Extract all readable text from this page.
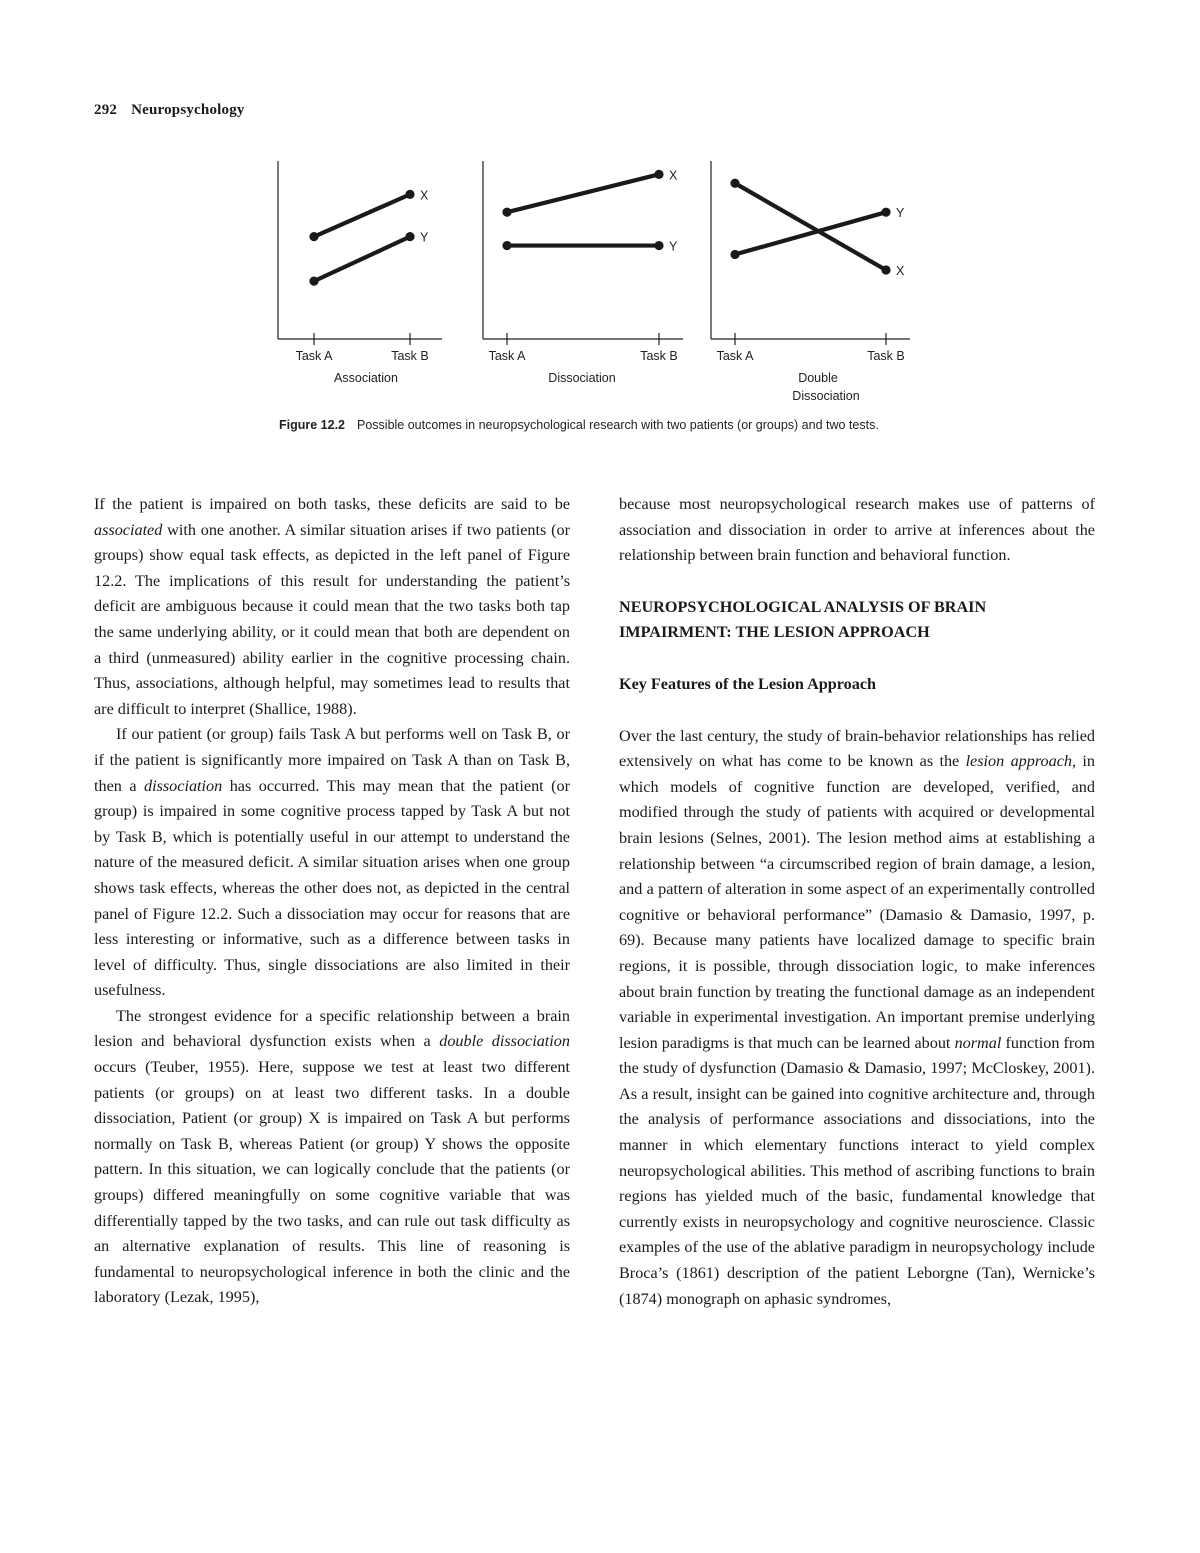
292 Neuropsychology
X
Y
Task A	Task B
Association
X
Y
Task A	Task B
Dissociation
X
Y
Task A	Task B
Double
Dissociation
Figure 12.2 Possible outcomes in neuropsychological research with two patients (or groups) and two tests.

If the patient is impaired on both tasks, these deficits are said to be associated with one another. A similar situation arises if two patients (or groups) show equal task effects, as depicted in the left panel of Figure 12.2. The implications of this result for understanding the patient’s deficit are ambiguous because it could mean that the two tasks both tap the same underlying ability, or it could mean that both are dependent on a third (unmeasured) ability earlier in the cognitive processing chain. Thus, associations, although helpful, may sometimes lead to results that are difficult to interpret (Shallice, 1988).

If our patient (or group) fails Task A but performs well on Task B, or if the patient is significantly more impaired on Task A than on Task B, then a dissociation has occurred. This may mean that the patient (or group) is impaired in some cognitive process tapped by Task A but not by Task B, which is potentially useful in our attempt to understand the nature of the measured deficit. A similar situation arises when one group shows task effects, whereas the other does not, as depicted in the central panel of Figure 12.2. Such a dissociation may occur for reasons that are less interesting or informative, such as a difference between tasks in level of difficulty. Thus, single dissociations are also limited in their usefulness.

The strongest evidence for a specific relationship between a brain lesion and behavioral dysfunction exists when a double dissociation occurs (Teuber, 1955). Here, suppose we test at least two different patients (or groups) on at least two different tasks. In a double dissociation, Patient (or group) X is impaired on Task A but performs normally on Task B, whereas Patient (or group) Y shows the opposite pattern. In this situation, we can logically conclude that the patients (or groups) differed meaningfully on some cognitive variable that was differentially tapped by the two tasks, and can rule out task difficulty as an alternative explanation of results. This line of reasoning is fundamental to neuropsychological inference in both the clinic and the laboratory (Lezak, 1995),

because most neuropsychological research makes use of patterns of association and dissociation in order to arrive at inferences about the relationship between brain function and behavioral function.

NEUROPSYCHOLOGICAL ANALYSIS OF BRAIN
IMPAIRMENT: THE LESION APPROACH

Key Features of the Lesion Approach

Over the last century, the study of brain-behavior relationships has relied extensively on what has come to be known as the lesion approach, in which models of cognitive function are developed, verified, and modified through the study of patients with acquired or developmental brain lesions (Selnes, 2001). The lesion method aims at establishing a relationship between “a circumscribed region of brain damage, a lesion, and a pattern of alteration in some aspect of an experimentally controlled cognitive or behavioral performance” (Damasio & Damasio, 1997, p. 69). Because many patients have localized damage to specific brain regions, it is possible, through dissociation logic, to make inferences about brain function by treating the functional damage as an independent variable in experimental investigation. An important premise underlying lesion paradigms is that much can be learned about normal function from the study of dysfunction (Damasio & Damasio, 1997; McCloskey, 2001). As a result, insight can be gained into cognitive architecture and, through the analysis of performance associations and dissociations, into the manner in which elementary functions interact to yield complex neuropsychological abilities. This method of ascribing functions to brain regions has yielded much of the basic, fundamental knowledge that currently exists in neuropsychology and cognitive neuroscience. Classic examples of the use of the ablative paradigm in neuropsychology include Broca’s (1861) description of the patient Leborgne (Tan), Wernicke’s (1874) monograph on aphasic syndromes,
